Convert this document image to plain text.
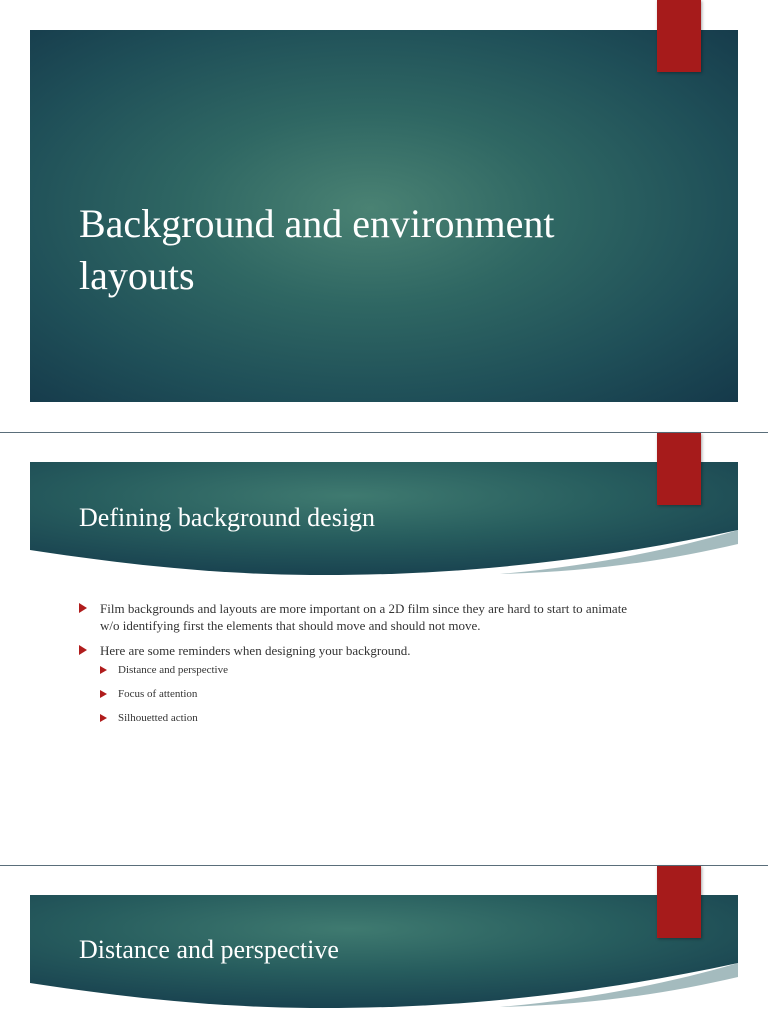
Background and environment layouts
Defining background design
Film backgrounds and layouts are more important on a 2D film since they are hard to start to animate w/o identifying first the elements that should move and should not move.
Here are some reminders when designing your background.
Distance and perspective
Focus of attention
Silhouetted action
Distance and perspective
